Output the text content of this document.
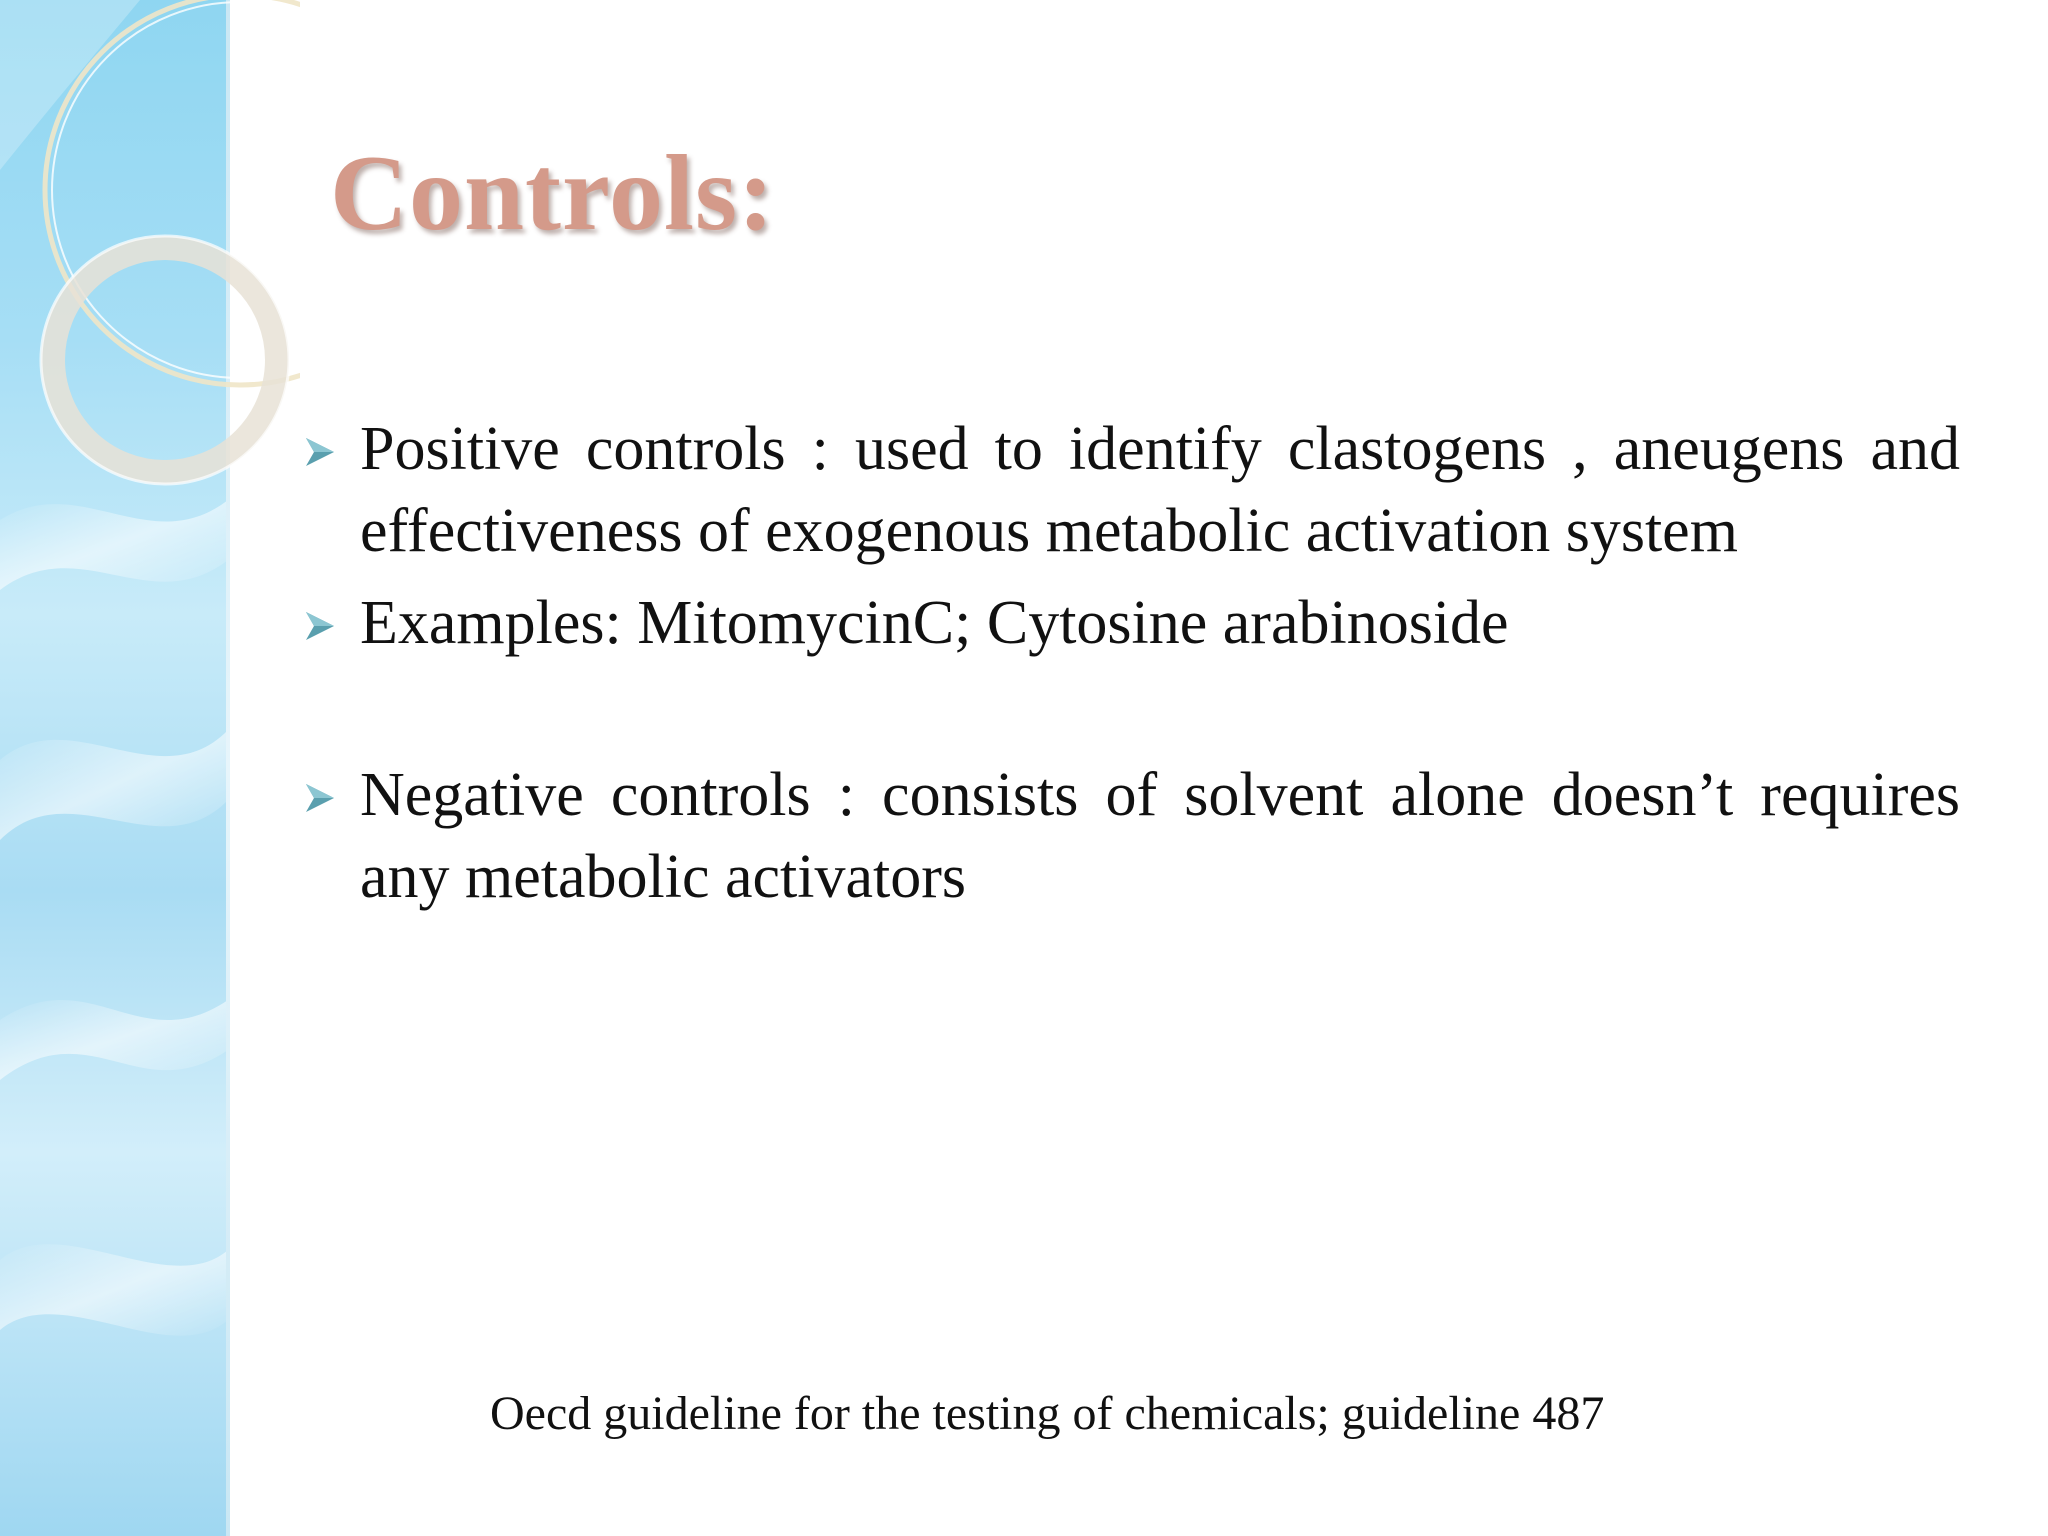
Controls:
Positive controls : used to identify clastogens , aneugens and effectiveness of exogenous metabolic activation system
Examples: MitomycinC; Cytosine arabinoside
Negative controls : consists of solvent alone doesn’t requires any metabolic activators

Oecd guideline for the testing of chemicals; guideline 487
